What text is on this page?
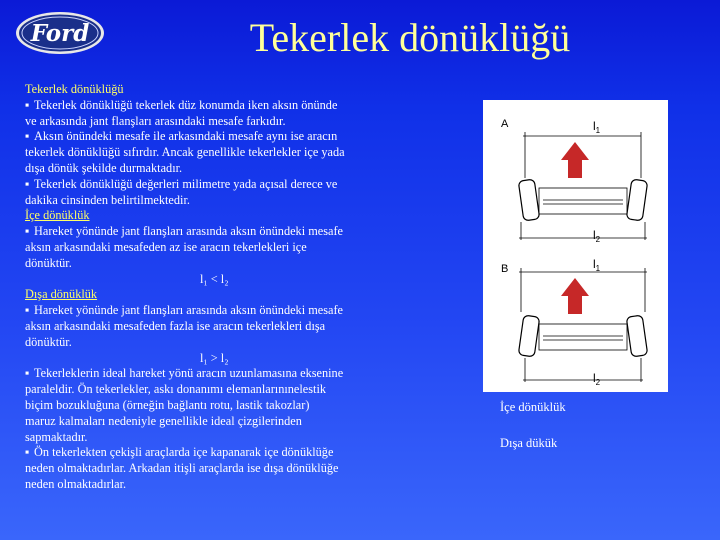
Ford	Tekerlek dönüklüğü
Tekerlek dönüklüğü
▪ Tekerlek dönüklüğü tekerlek düz konumda iken aksın önünde
ve arkasında jant flanşları arasındaki mesafe farkıdır.
▪ Aksın önündeki mesafe ile arkasındaki mesafe aynı ise aracın
tekerlek dönüklüğü sıfırdır. Ancak genellikle tekerlekler içe yada
dışa dönük şekilde durmaktadır.
▪ Tekerlek dönüklüğü değerleri milimetre yada açısal derece ve
dakika cinsinden belirtilmektedir.
İçe dönüklük
▪ Hareket yönünde jant flanşları arasında aksın önündeki mesafe
aksın arkasındaki mesafeden az ise aracın tekerlekleri içe
dönüktür.
l₁ < l₂
Dışa dönüklük
▪ Hareket yönünde jant flanşları arasında aksın önündeki mesafe
aksın arkasındaki mesafeden fazla ise aracın tekerlekleri dışa
dönüktür.
l₁ > l₂
▪ Tekerleklerin ideal hareket yönü aracın uzunlamasına eksenine
paraleldir. Ön tekerlekler, askı donanımı elemanlarınınelestik
biçim bozukluğuna (örneğin bağlantı rotu, lastik takozlar)
maruz kalmaları nedeniyle genellikle ideal çizgilerinden
sapmaktadır.
▪ Ön tekerlekten çekişli araçlarda içe kapanarak içe dönüklüğe
neden olmaktadırlar. Arkadan itişli araçlarda ise dışa dönüklüğe
neden olmaktadırlar.
A	$l_1$
$l_2$
B	$l_1$
$l_2$
İçe dönüklük
Dışa dükük
